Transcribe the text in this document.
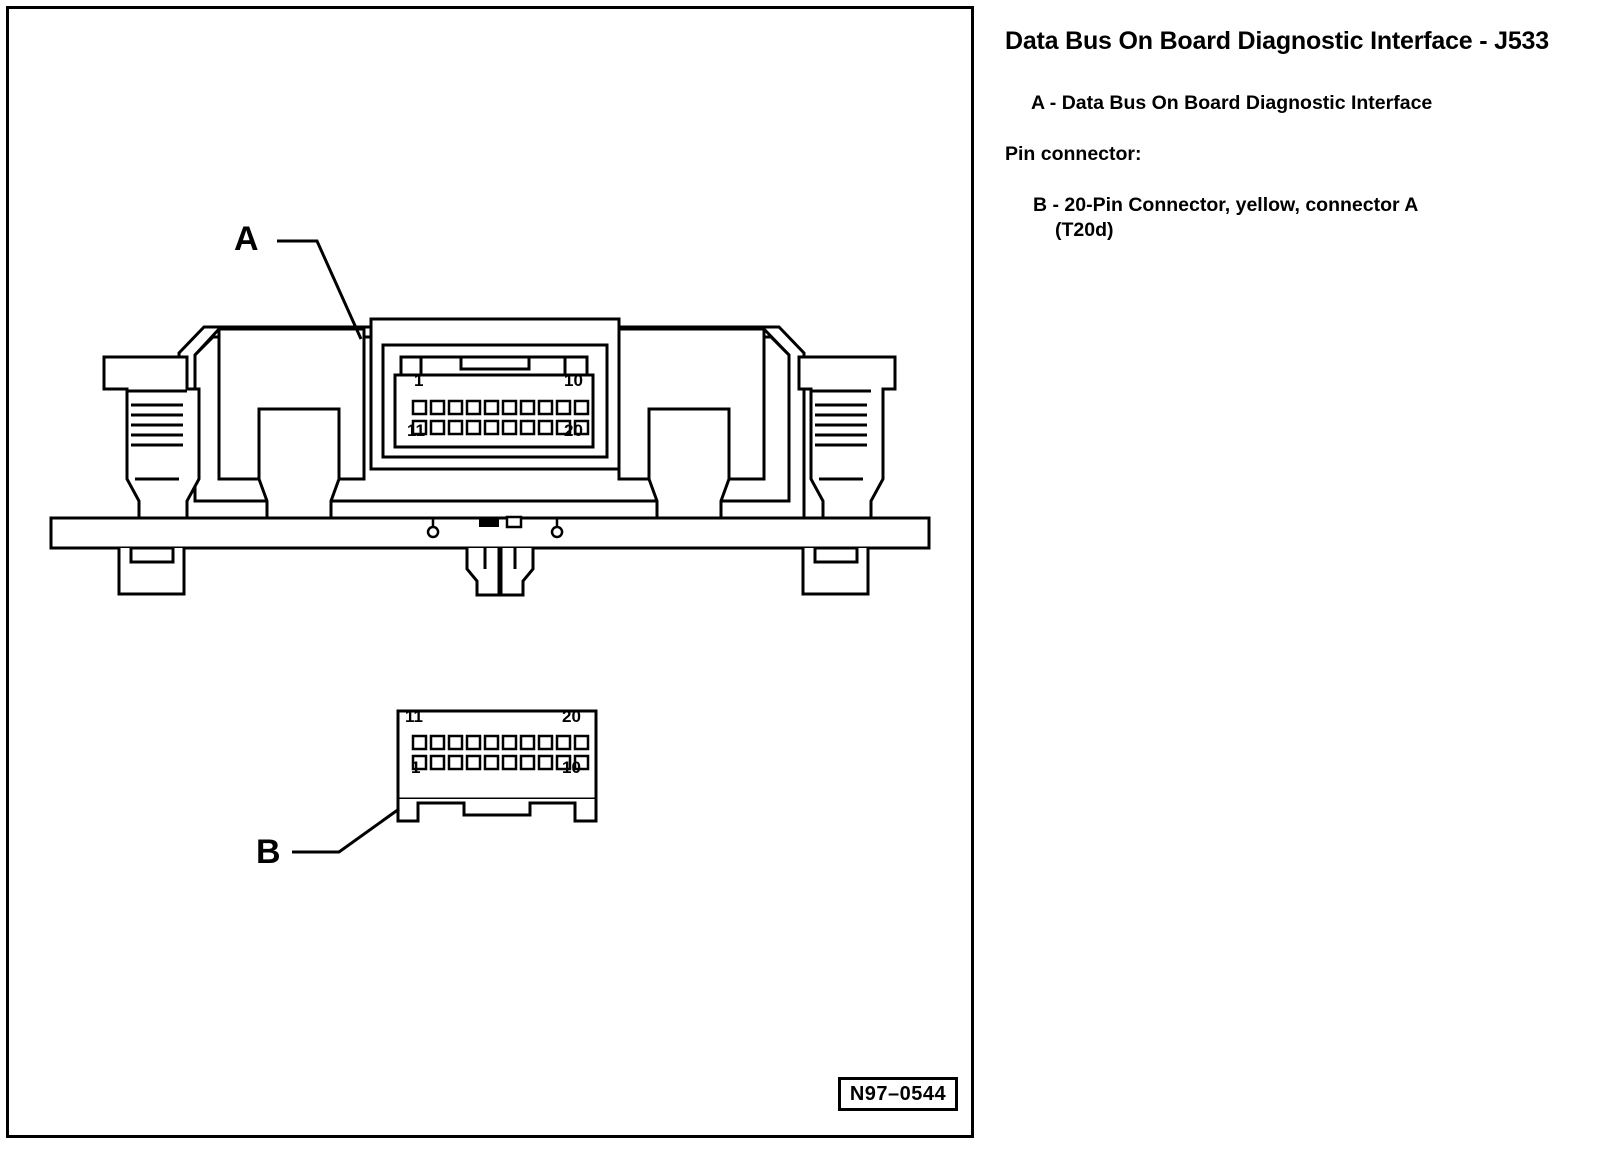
A
B
1	10
11	20
11	20
1	10
N97–0544
Data Bus On Board Diagnostic Interface - J533
A - Data Bus On Board Diagnostic Interface
Pin connector:
B - 20-Pin Connector, yellow, connector A
(T20d)
